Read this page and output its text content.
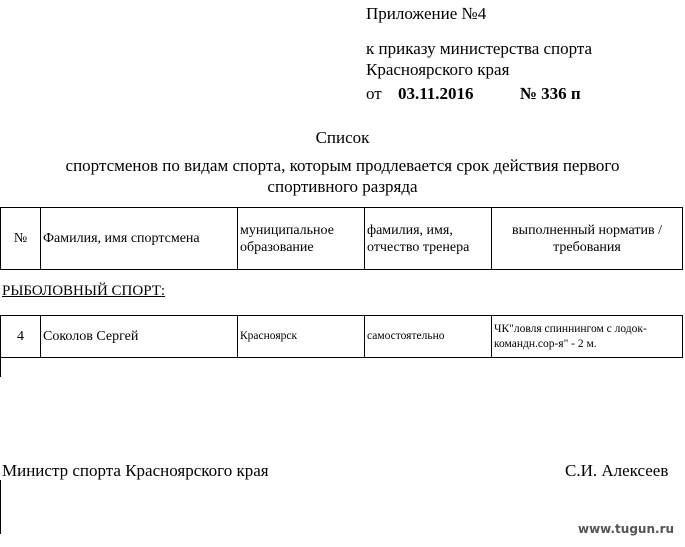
Приложение №4
к приказу министерства спорта
Красноярского края
от 03.11.2016	№ 336 п
Список
спортсменов по видам спорта, которым продлевается срок действия первого
спортивного разряда
№	Фамилия, имя спортсмена	муниципальное образование	фамилия, имя, отчество тренера	выполненный норматив /требования
РЫБОЛОВНЫЙ СПОРТ:
4	Соколов Сергей	Красноярск	самостоятельно	ЧК"ловля спиннингом с лодок-командн.сор-я" - 2 м.
Министр спорта Красноярского края	С.И. Алексеев
www.tugun.ru
